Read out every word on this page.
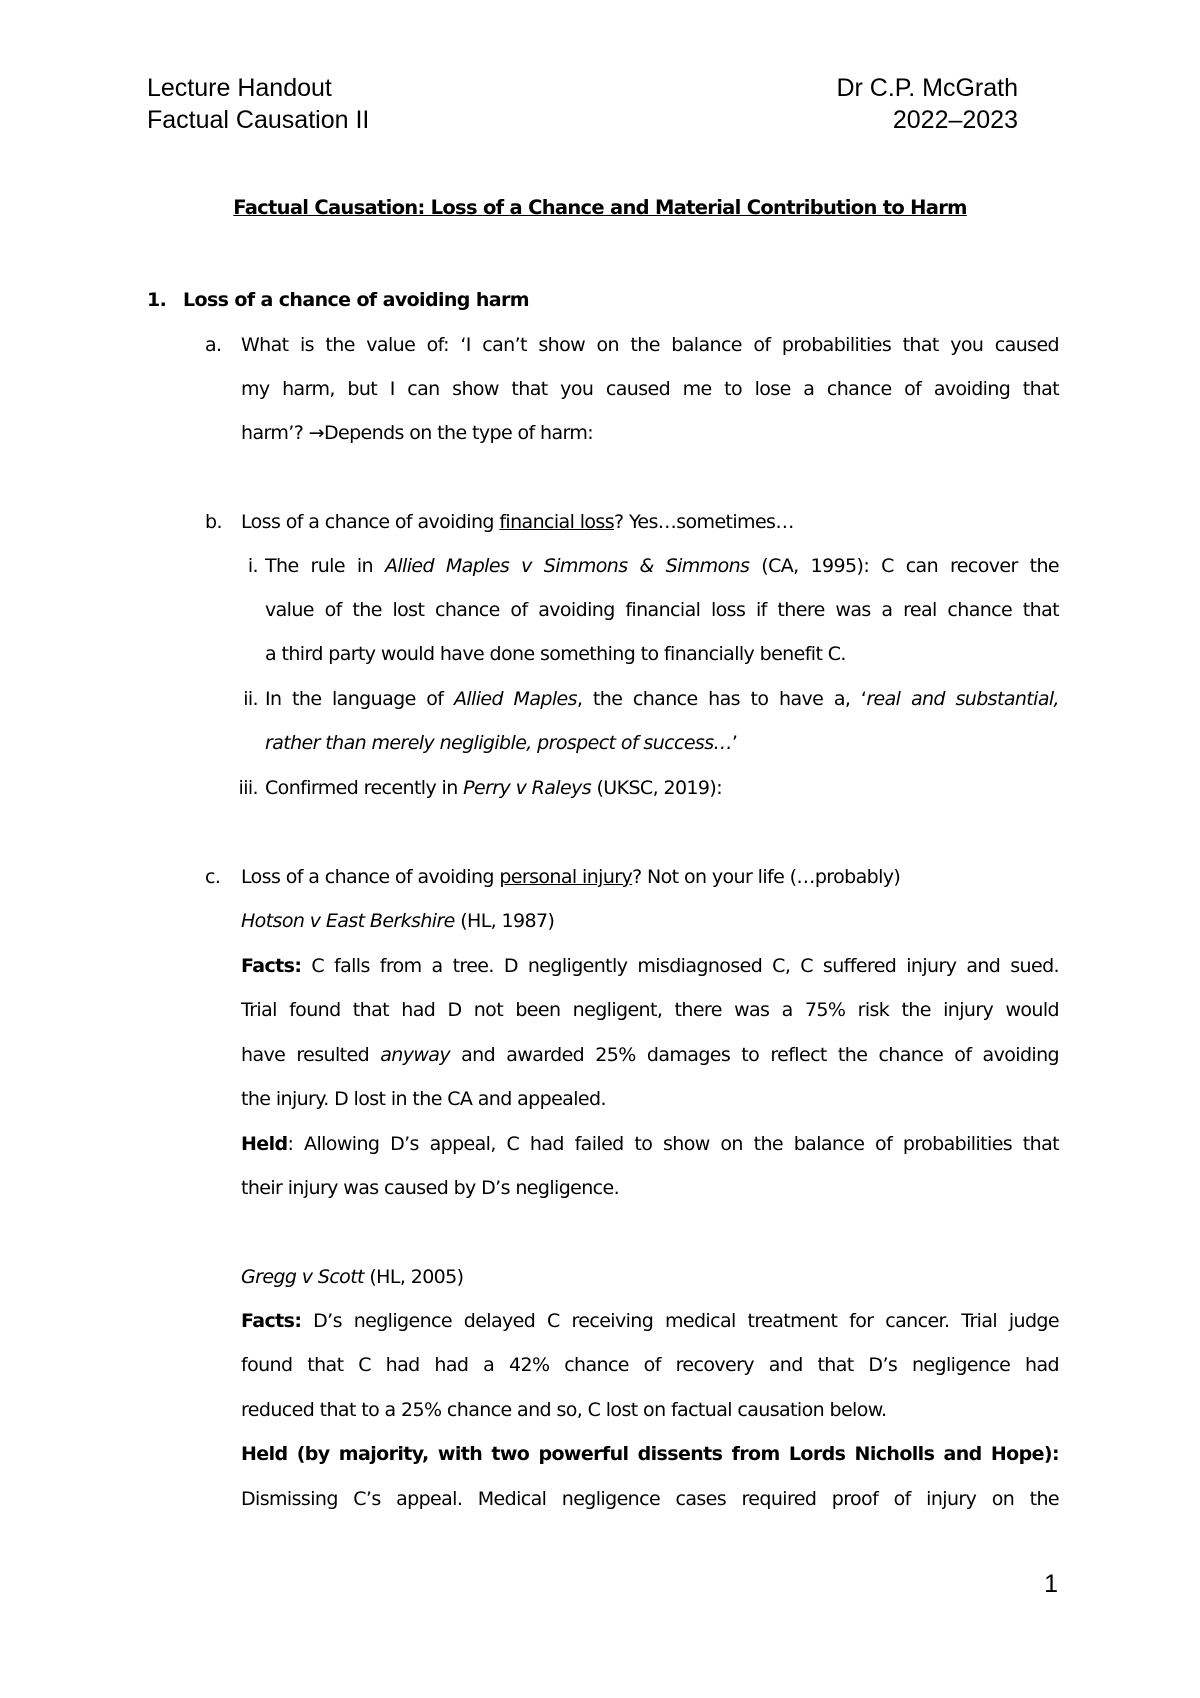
Lecture Handout
Factual Causation II
Dr C.P. McGrath
2022–2023
Factual Causation: Loss of a Chance and Material Contribution to Harm
1. Loss of a chance of avoiding harm
a. What is the value of: ‘I can’t show on the balance of probabilities that you caused
my harm, but I can show that you caused me to lose a chance of avoiding that
harm’? →Depends on the type of harm:
b. Loss of a chance of avoiding financial loss? Yes…sometimes…
i. The rule in Allied Maples v Simmons & Simmons (CA, 1995): C can recover the
value of the lost chance of avoiding financial loss if there was a real chance that
a third party would have done something to financially benefit C.
ii. In the language of Allied Maples, the chance has to have a, ‘real and substantial,
rather than merely negligible, prospect of success…’
iii. Confirmed recently in Perry v Raleys (UKSC, 2019):
c. Loss of a chance of avoiding personal injury? Not on your life (…probably)
Hotson v East Berkshire (HL, 1987)
Facts: C falls from a tree. D negligently misdiagnosed C, C suffered injury and sued.
Trial found that had D not been negligent, there was a 75% risk the injury would
have resulted anyway and awarded 25% damages to reflect the chance of avoiding
the injury. D lost in the CA and appealed.
Held: Allowing D’s appeal, C had failed to show on the balance of probabilities that
their injury was caused by D’s negligence.
Gregg v Scott (HL, 2005)
Facts: D’s negligence delayed C receiving medical treatment for cancer. Trial judge
found that C had had a 42% chance of recovery and that D’s negligence had
reduced that to a 25% chance and so, C lost on factual causation below.
Held (by majority, with two powerful dissents from Lords Nicholls and Hope):
Dismissing C’s appeal. Medical negligence cases required proof of injury on the
1
